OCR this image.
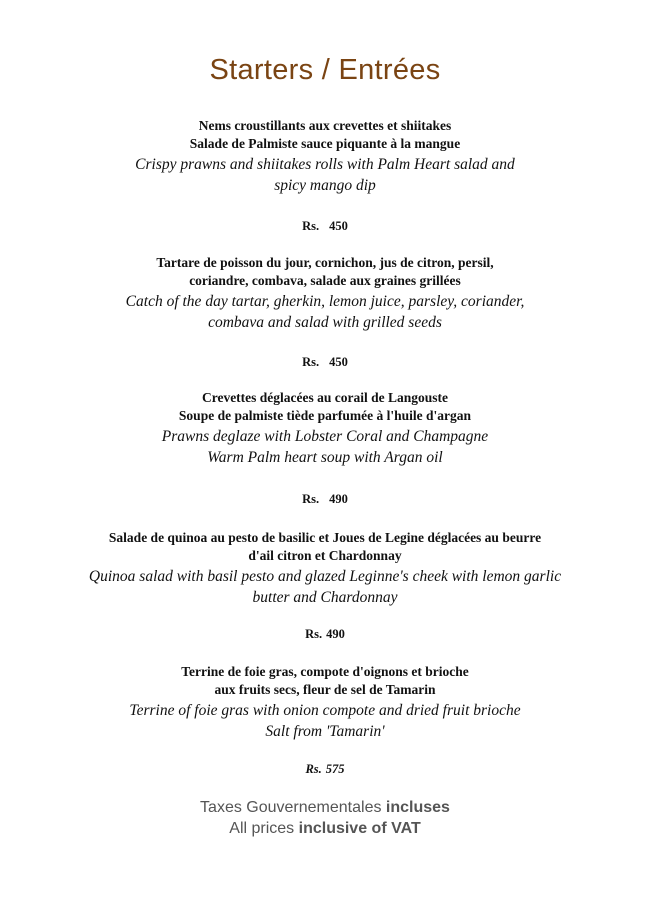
Starters / Entrées

Nems croustillants aux crevettes et shiitakes
Salade de Palmiste sauce piquante à la mangue

Crispy prawns and shiitakes rolls with Palm Heart salad and
spicy mango dip

Rs. 450

Tartare de poisson du jour, cornichon, jus de citron, persil,
coriandre, combava, salade aux graines grillées

Catch of the day tartar, gherkin, lemon juice, parsley, coriander,
combava and salad with grilled seeds

Rs. 450

Crevettes déglacées au corail de Langouste
Soupe de palmiste tiède parfumée à l'huile d'argan

Prawns deglaze with Lobster Coral and Champagne
Warm Palm heart soup with Argan oil

Rs. 490

Salade de quinoa au pesto de basilic et Joues de Legine déglacées au beurre
d'ail citron et Chardonnay

Quinoa salad with basil pesto and glazed Leginne's cheek with lemon garlic
butter and Chardonnay

Rs. 490

Terrine de foie gras, compote d'oignons et brioche
aux fruits secs, fleur de sel de Tamarin

Terrine of foie gras with onion compote and dried fruit brioche
Salt from 'Tamarin'

Rs. 575
Taxes Gouvernementales incluses
All prices inclusive of VAT
